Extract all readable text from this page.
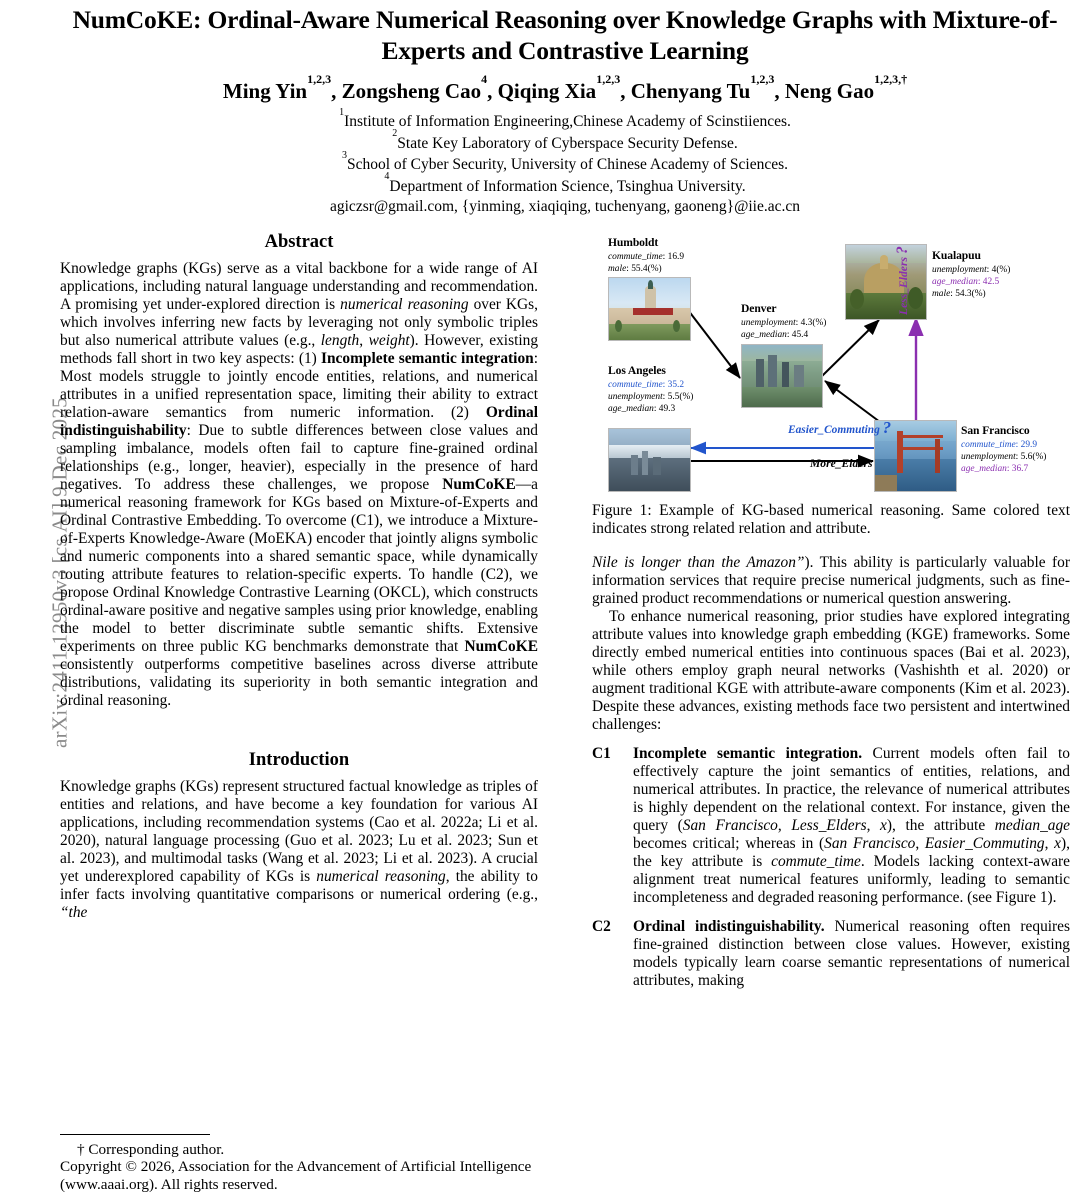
arXiv:2411.12950v3 [cs.AI] 9 Dec 2025
NumCoKE: Ordinal-Aware Numerical Reasoning over Knowledge Graphs with Mixture-of-Experts and Contrastive Learning
Ming Yin$^{1,2,3}$, Zongsheng Cao$^4$, Qiqing Xia$^{1,2,3}$, Chenyang Tu$^{1,2,3}$, Neng Gao$^{1,2,3,\dagger}$
$^1$Institute of Information Engineering,Chinese Academy of Scinstiiences.
$^2$State Key Laboratory of Cyberspace Security Defense.
$^3$School of Cyber Security, University of Chinese Academy of Sciences.
$^4$Department of Information Science, Tsinghua University.
agiczsr@gmail.com, {yinming, xiaqiqing, tuchenyang, gaoneng}@iie.ac.cn
Abstract

Knowledge graphs (KGs) serve as a vital backbone for a wide range of AI applications, including natural language understanding and recommendation. A promising yet under-explored direction is numerical reasoning over KGs, which involves inferring new facts by leveraging not only symbolic triples but also numerical attribute values (e.g., length, weight). However, existing methods fall short in two key aspects: (1) Incomplete semantic integration: Most models struggle to jointly encode entities, relations, and numerical attributes in a unified representation space, limiting their ability to extract relation-aware semantics from numeric information. (2) Ordinal indistinguishability: Due to subtle differences between close values and sampling imbalance, models often fail to capture fine-grained ordinal relationships (e.g., longer, heavier), especially in the presence of hard negatives. To address these challenges, we propose NumCoKE—a numerical reasoning framework for KGs based on Mixture-of-Experts and Ordinal Contrastive Embedding. To overcome (C1), we introduce a Mixture-of-Experts Knowledge-Aware (MoEKA) encoder that jointly aligns symbolic and numeric components into a shared semantic space, while dynamically routing attribute features to relation-specific experts. To handle (C2), we propose Ordinal Knowledge Contrastive Learning (OKCL), which constructs ordinal-aware positive and negative samples using prior knowledge, enabling the model to better discriminate subtle semantic shifts. Extensive experiments on three public KG benchmarks demonstrate that NumCoKE consistently outperforms competitive baselines across diverse attribute distributions, validating its superiority in both semantic integration and ordinal reasoning.

Introduction

Knowledge graphs (KGs) represent structured factual knowledge as triples of entities and relations, and have become a key foundation for various AI applications, including recommendation systems (Cao et al. 2022a; Li et al. 2020), natural language processing (Guo et al. 2023; Lu et al. 2023; Sun et al. 2023), and multimodal tasks (Wang et al. 2023; Li et al. 2023). A crucial yet underexplored capability of KGs is numerical reasoning, the ability to infer facts involving quantitative comparisons or numerical ordering (e.g., “the

† Corresponding author.

Copyright © 2026, Association for the Advancement of Artificial Intelligence (www.aaai.org). All rights reserved.

Humboldt
commute_time: 16.9
male: 55.4(%)
Denver
unemployment: 4.3(%)
age_median: 45.4
Los Angeles
commute_time: 35.2
unemployment: 5.5(%)
age_median: 49.3
Kualapuu
unemployment: 4(%)
age_median: 42.5
male: 54.3(%)
San Francisco
commute_time: 29.9
unemployment: 5.6(%)
age_median: 36.7
Easier_Commuting ?
More_Elders
Less_Elders ?

Figure 1: Example of KG-based numerical reasoning. Same colored text indicates strong related relation and attribute.

Nile is longer than the Amazon”). This ability is particularly valuable for information services that require precise numerical judgments, such as fine-grained product recommendations or numerical question answering.

To enhance numerical reasoning, prior studies have explored integrating attribute values into knowledge graph embedding (KGE) frameworks. Some directly embed numerical entities into continuous spaces (Bai et al. 2023), while others employ graph neural networks (Vashishth et al. 2020) or augment traditional KGE with attribute-aware components (Kim et al. 2023). Despite these advances, existing methods face two persistent and intertwined challenges:

C1 Incomplete semantic integration. Current models often fail to effectively capture the joint semantics of entities, relations, and numerical attributes. In practice, the relevance of numerical attributes is highly dependent on the relational context. For instance, given the query (San Francisco, Less_Elders, x), the attribute median_age becomes critical; whereas in (San Francisco, Easier_Commuting, x), the key attribute is commute_time. Models lacking context-aware alignment treat numerical features uniformly, leading to semantic incompleteness and degraded reasoning performance. (see Figure 1).

C2 Ordinal indistinguishability. Numerical reasoning often requires fine-grained distinction between close values. However, existing models typically learn coarse semantic representations of numerical attributes, making
